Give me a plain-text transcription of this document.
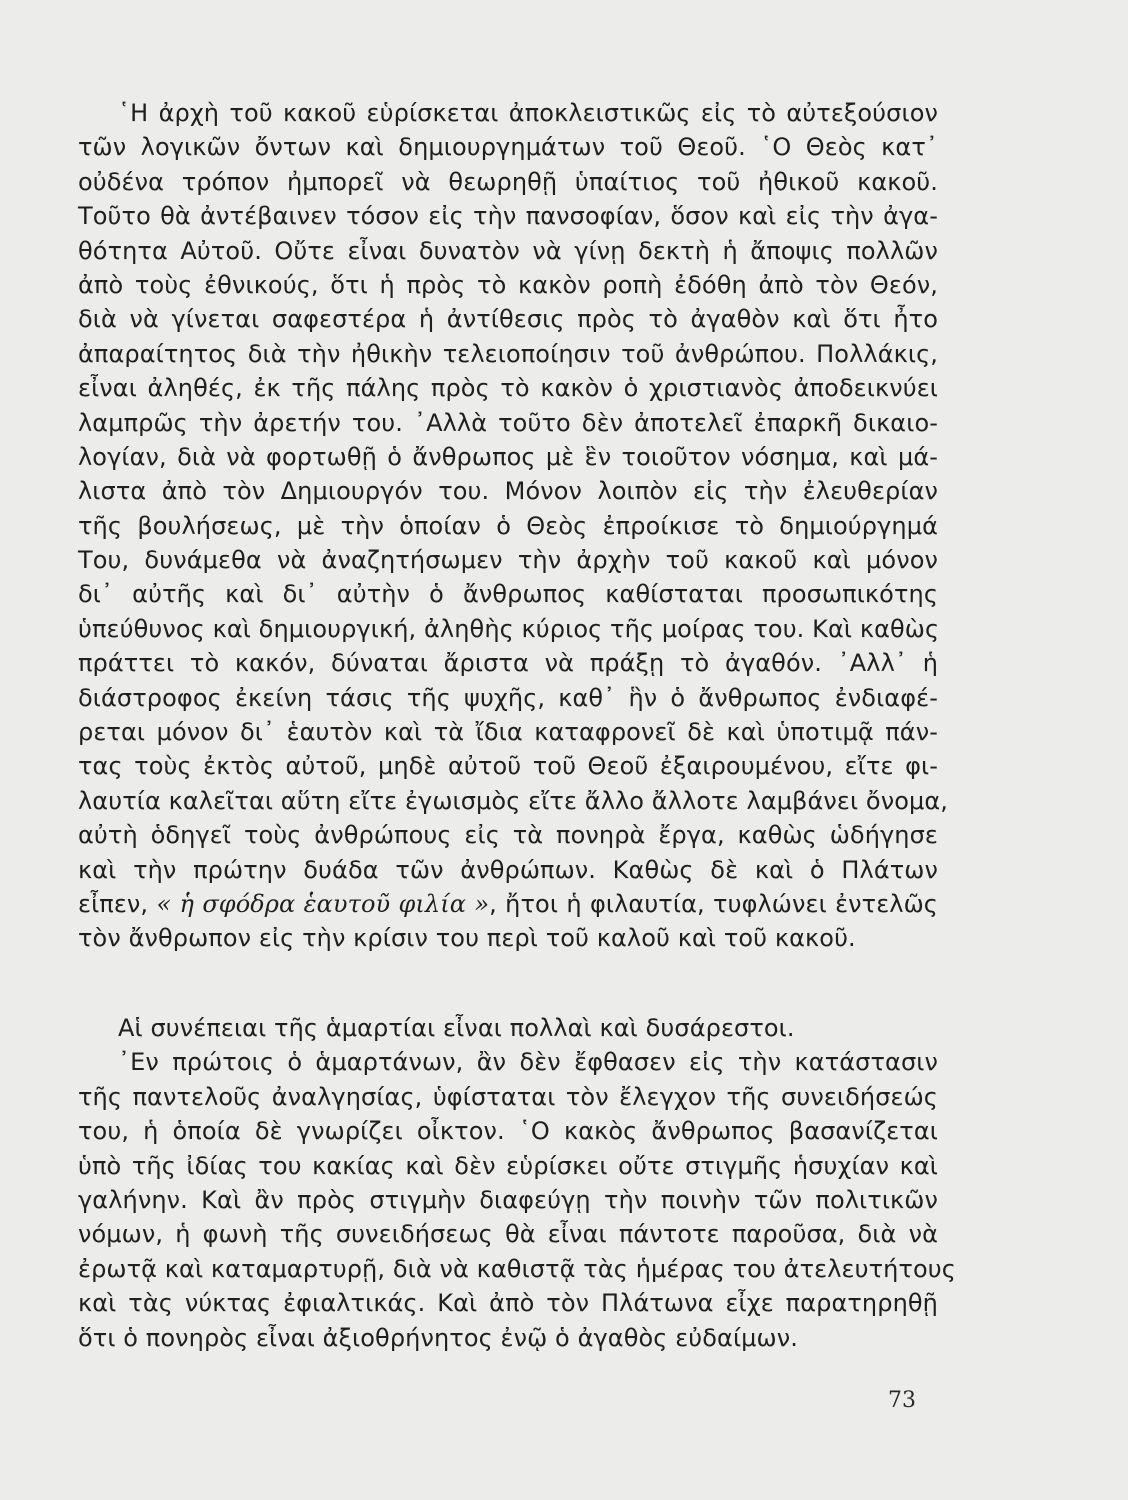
῾Η ἀρχὴ τοῦ κακοῦ εὑρίσκεται ἀποκλειστικῶς εἰς τὸ αὐτεξούσιον
τῶν λογικῶν ὄντων καὶ δημιουργημάτων τοῦ Θεοῦ. ῾Ο Θεὸς κατ᾿
οὐδένα τρόπον ἠμπορεῖ νὰ θεωρηθῇ ὑπαίτιος τοῦ ἠθικοῦ κακοῦ.
Τοῦτο θὰ ἀντέβαινεν τόσον εἰς τὴν πανσοφίαν, ὅσον καὶ εἰς τὴν ἀγα-
θότητα Αὐτοῦ. Οὔτε εἶναι δυνατὸν νὰ γίνῃ δεκτὴ ἡ ἄποψις πολλῶν
ἀπὸ τοὺς ἐθνικούς, ὅτι ἡ πρὸς τὸ κακὸν ροπὴ ἐδόθη ἀπὸ τὸν Θεόν,
διὰ νὰ γίνεται σαφεστέρα ἡ ἀντίθεσις πρὸς τὸ ἀγαθὸν καὶ ὅτι ἦτο
ἀπαραίτητος διὰ τὴν ἠθικὴν τελειοποίησιν τοῦ ἀνθρώπου. Πολλάκις,
εἶναι ἀληθές, ἐκ τῆς πάλης πρὸς τὸ κακὸν ὁ χριστιανὸς ἀποδεικνύει
λαμπρῶς τὴν ἀρετήν του. ᾿Αλλὰ τοῦτο δὲν ἀποτελεῖ ἐπαρκῆ δικαιο-
λογίαν, διὰ νὰ φορτωθῇ ὁ ἄνθρωπος μὲ ἓν τοιοῦτον νόσημα, καὶ μά-
λιστα ἀπὸ τὸν Δημιουργόν του. Μόνον λοιπὸν εἰς τὴν ἐλευθερίαν
τῆς βουλήσεως, μὲ τὴν ὁποίαν ὁ Θεὸς ἐπροίκισε τὸ δημιούργημά
Του, δυνάμεθα νὰ ἀναζητήσωμεν τὴν ἀρχὴν τοῦ κακοῦ καὶ μόνον
δι᾿ αὐτῆς καὶ δι᾿ αὐτὴν ὁ ἄνθρωπος καθίσταται προσωπικότης
ὑπεύθυνος καὶ δημιουργική, ἀληθὴς κύριος τῆς μοίρας του. Καὶ καθὼς
πράττει τὸ κακόν, δύναται ἄριστα νὰ πράξῃ τὸ ἀγαθόν. ᾿Αλλ᾿ ἡ
διάστροφος ἐκείνη τάσις τῆς ψυχῆς, καθ᾿ ἣν ὁ ἄνθρωπος ἐνδιαφέ-
ρεται μόνον δι᾿ ἑαυτὸν καὶ τὰ ἴδια καταφρονεῖ δὲ καὶ ὑποτιμᾷ πάν-
τας τοὺς ἐκτὸς αὐτοῦ, μηδὲ αὐτοῦ τοῦ Θεοῦ ἐξαιρουμένου, εἴτε φι-
λαυτία καλεῖται αὕτη εἴτε ἐγωισμὸς εἴτε ἄλλο ἄλλοτε λαμβάνει ὄνομα,
αὐτὴ ὁδηγεῖ τοὺς ἀνθρώπους εἰς τὰ πονηρὰ ἔργα, καθὼς ὡδήγησε
καὶ τὴν πρώτην δυάδα τῶν ἀνθρώπων. Καθὼς δὲ καὶ ὁ Πλάτων
εἶπεν, « ἡ σφόδρα ἑαυτοῦ φιλία », ἤτοι ἡ φιλαυτία, τυφλώνει ἐντελῶς
τὸν ἄνθρωπον εἰς τὴν κρίσιν του περὶ τοῦ καλοῦ καὶ τοῦ κακοῦ.
Αἱ συνέπειαι τῆς ἁμαρτίαι εἶναι πολλαὶ καὶ δυσάρεστοι.
᾿Εν πρώτοις ὁ ἁμαρτάνων, ἂν δὲν ἔφθασεν εἰς τὴν κατάστασιν
τῆς παντελοῦς ἀναλγησίας, ὑφίσταται τὸν ἔλεγχον τῆς συνειδήσεώς
του, ἡ ὁποία δὲ γνωρίζει οἶκτον. ῾Ο κακὸς ἄνθρωπος βασανίζεται
ὑπὸ τῆς ἰδίας του κακίας καὶ δὲν εὑρίσκει οὔτε στιγμῆς ἡσυχίαν καὶ
γαλήνην. Καὶ ἂν πρὸς στιγμὴν διαφεύγῃ τὴν ποινὴν τῶν πολιτικῶν
νόμων, ἡ φωνὴ τῆς συνειδήσεως θὰ εἶναι πάντοτε παροῦσα, διὰ νὰ
ἐρωτᾷ καὶ καταμαρτυρῇ, διὰ νὰ καθιστᾷ τὰς ἡμέρας του ἀτελευτήτους
καὶ τὰς νύκτας ἐφιαλτικάς. Καὶ ἀπὸ τὸν Πλάτωνα εἶχε παρατηρηθῇ
ὅτι ὁ πονηρὸς εἶναι ἀξιοθρήνητος ἐνῷ ὁ ἀγαθὸς εὐδαίμων.
73
